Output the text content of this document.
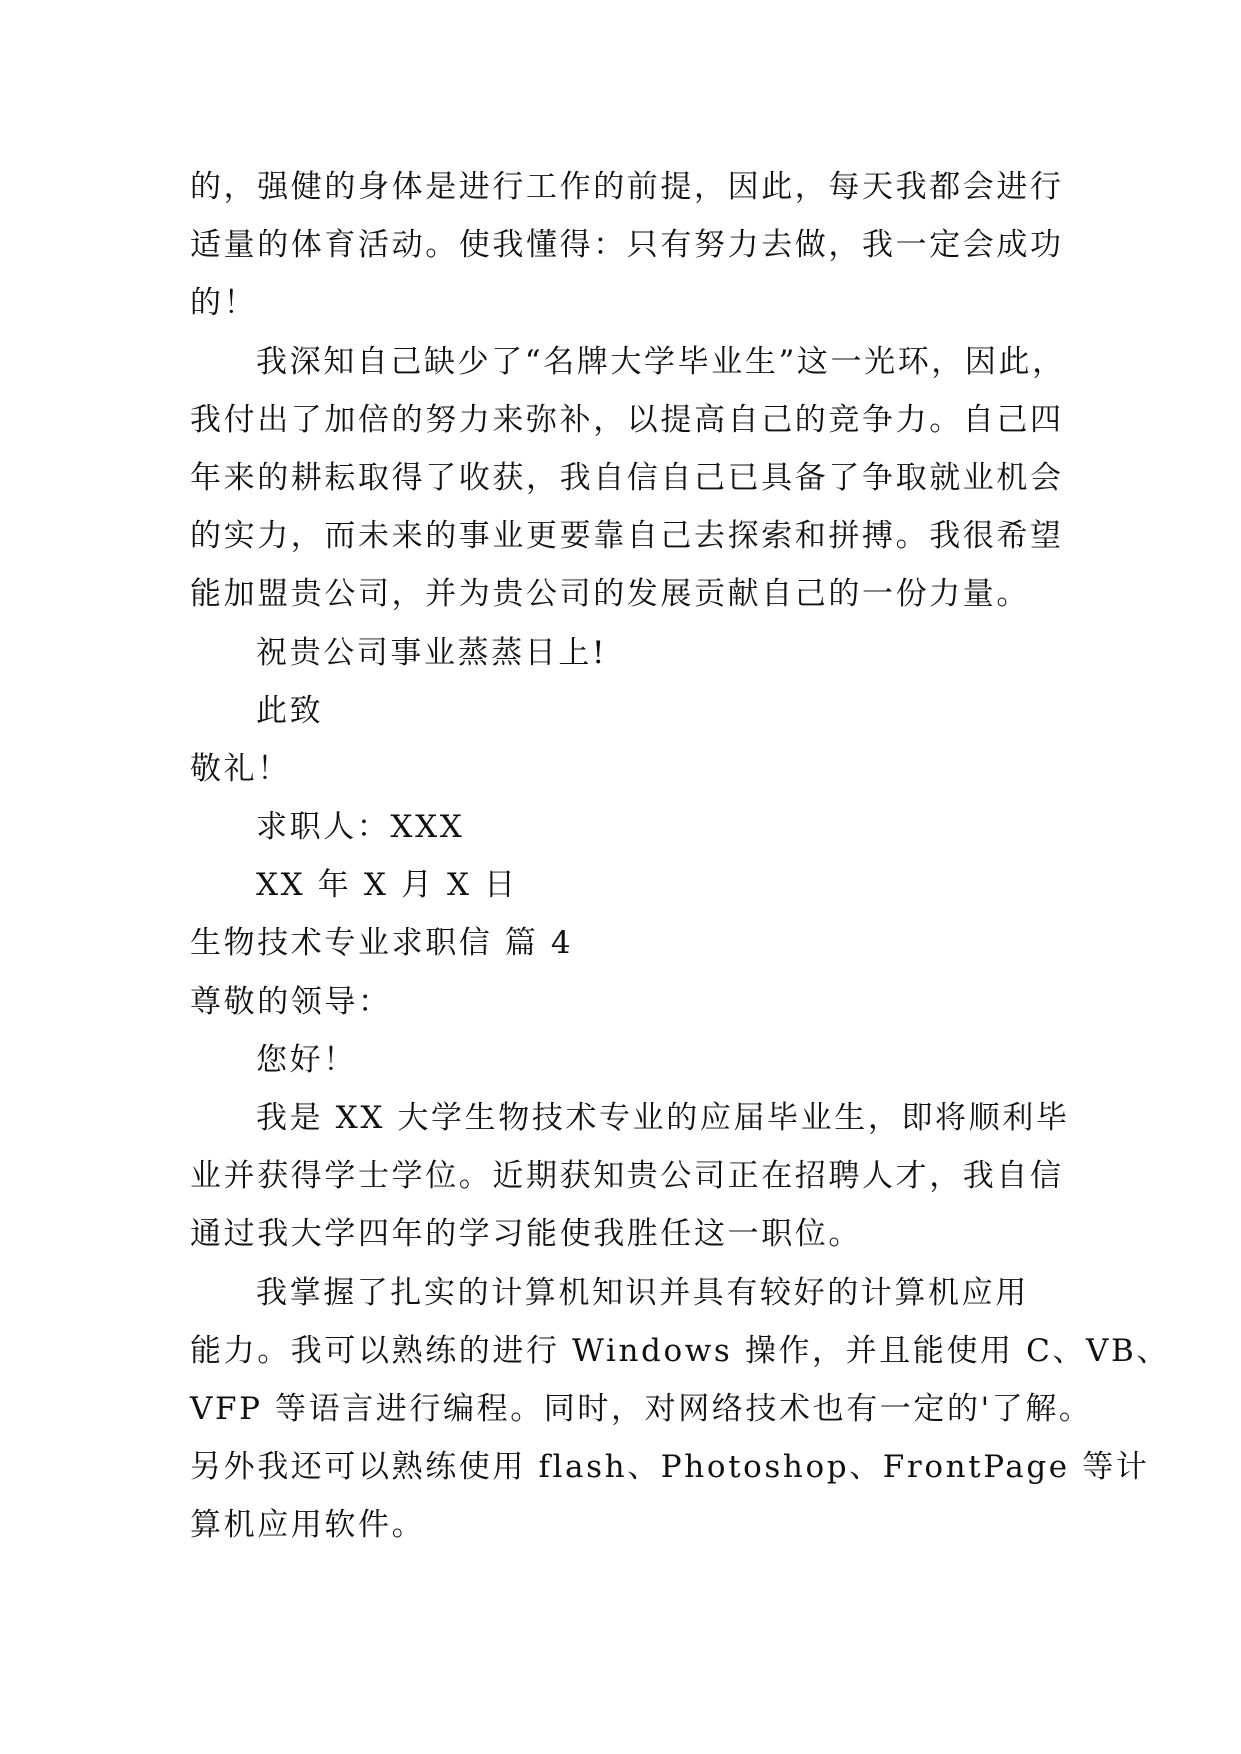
的，强健的身体是进行工作的前提，因此，每天我都会进行
适量的体育活动。使我懂得：只有努力去做，我一定会成功
的！
我深知自己缺少了“名牌大学毕业生”这一光环，因此，
我付出了加倍的努力来弥补，以提高自己的竞争力。自己四
年来的耕耘取得了收获，我自信自己已具备了争取就业机会
的实力，而未来的事业更要靠自己去探索和拼搏。我很希望
能加盟贵公司，并为贵公司的发展贡献自己的一份力量。
祝贵公司事业蒸蒸日上!
此致
敬礼！
求职人：XXX
XX 年 X 月 X 日
生物技术专业求职信 篇 4
尊敬的领导：
您好！
我是 XX 大学生物技术专业的应届毕业生，即将顺利毕
业并获得学士学位。近期获知贵公司正在招聘人才，我自信
通过我大学四年的学习能使我胜任这一职位。
我掌握了扎实的计算机知识并具有较好的计算机应用
能力。我可以熟练的进行 Windows 操作，并且能使用 C、VB、
VFP 等语言进行编程。同时，对网络技术也有一定的'了解。
另外我还可以熟练使用 flash、Photoshop、FrontPage 等计
算机应用软件。
